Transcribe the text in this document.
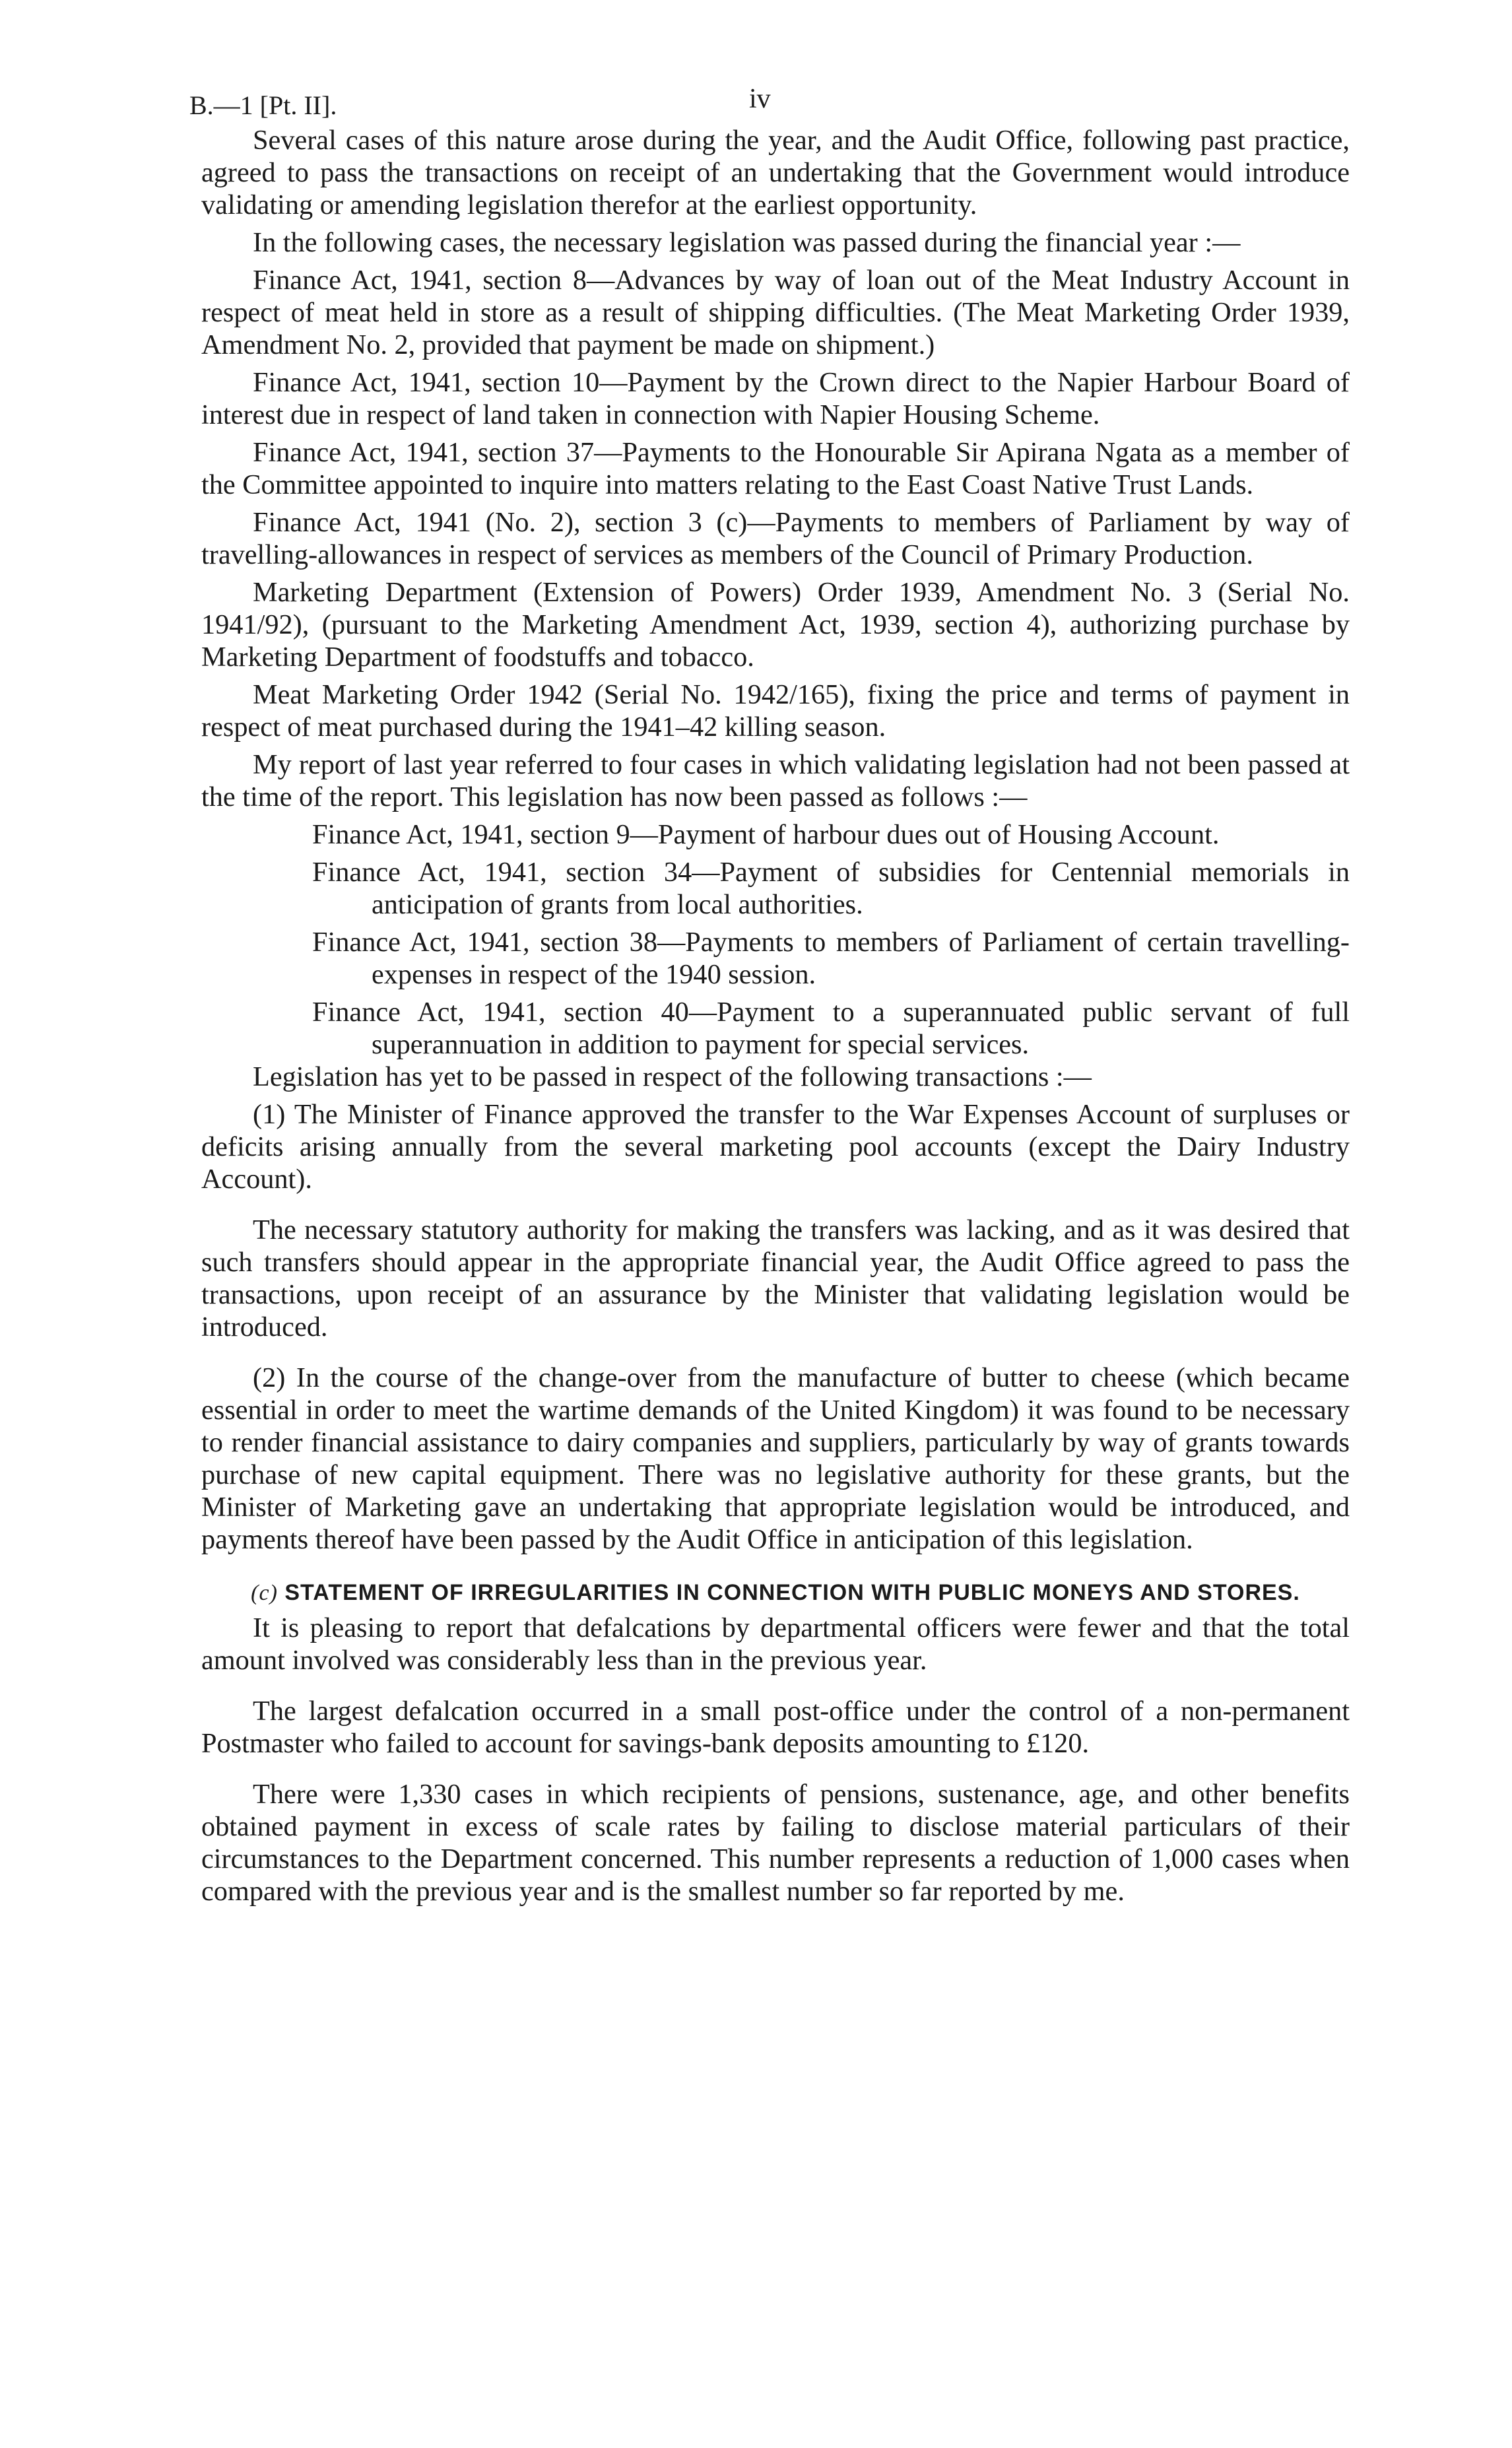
B.—1 [Pt. II].	iv

Several cases of this nature arose during the year, and the Audit Office, following past practice, agreed to pass the transactions on receipt of an undertaking that the Government would introduce validating or amending legislation therefor at the earliest opportunity.

In the following cases, the necessary legislation was passed during the financial year :—

Finance Act, 1941, section 8—Advances by way of loan out of the Meat Industry Account in respect of meat held in store as a result of shipping difficulties. (The Meat Marketing Order 1939, Amendment No. 2, provided that payment be made on shipment.)

Finance Act, 1941, section 10—Payment by the Crown direct to the Napier Harbour Board of interest due in respect of land taken in connection with Napier Housing Scheme.

Finance Act, 1941, section 37—Payments to the Honourable Sir Apirana Ngata as a member of the Committee appointed to inquire into matters relating to the East Coast Native Trust Lands.

Finance Act, 1941 (No. 2), section 3 (c)—Payments to members of Parliament by way of travelling-allowances in respect of services as members of the Council of Primary Production.

Marketing Department (Extension of Powers) Order 1939, Amendment No. 3 (Serial No. 1941/92), (pursuant to the Marketing Amendment Act, 1939, section 4), authorizing purchase by Marketing Department of foodstuffs and tobacco.

Meat Marketing Order 1942 (Serial No. 1942/165), fixing the price and terms of payment in respect of meat purchased during the 1941–42 killing season.

My report of last year referred to four cases in which validating legislation had not been passed at the time of the report. This legislation has now been passed as follows :—

Finance Act, 1941, section 9—Payment of harbour dues out of Housing Account.

Finance Act, 1941, section 34—Payment of subsidies for Centennial memorials in anticipation of grants from local authorities.

Finance Act, 1941, section 38—Payments to members of Parliament of certain travelling-expenses in respect of the 1940 session.

Finance Act, 1941, section 40—Payment to a superannuated public servant of full superannuation in addition to payment for special services.

Legislation has yet to be passed in respect of the following transactions :—

(1) The Minister of Finance approved the transfer to the War Expenses Account of surpluses or deficits arising annually from the several marketing pool accounts (except the Dairy Industry Account).

The necessary statutory authority for making the transfers was lacking, and as it was desired that such transfers should appear in the appropriate financial year, the Audit Office agreed to pass the transactions, upon receipt of an assurance by the Minister that validating legislation would be introduced.

(2) In the course of the change-over from the manufacture of butter to cheese (which became essential in order to meet the wartime demands of the United Kingdom) it was found to be necessary to render financial assistance to dairy companies and suppliers, particularly by way of grants towards purchase of new capital equipment. There was no legislative authority for these grants, but the Minister of Marketing gave an undertaking that appropriate legislation would be introduced, and payments thereof have been passed by the Audit Office in anticipation of this legislation.

(c) STATEMENT OF IRREGULARITIES IN CONNECTION WITH PUBLIC MONEYS AND STORES.

It is pleasing to report that defalcations by departmental officers were fewer and that the total amount involved was considerably less than in the previous year.

The largest defalcation occurred in a small post-office under the control of a non-permanent Postmaster who failed to account for savings-bank deposits amounting to £120.

There were 1,330 cases in which recipients of pensions, sustenance, age, and other benefits obtained payment in excess of scale rates by failing to disclose material particulars of their circumstances to the Department concerned. This number represents a reduction of 1,000 cases when compared with the previous year and is the smallest number so far reported by me.
